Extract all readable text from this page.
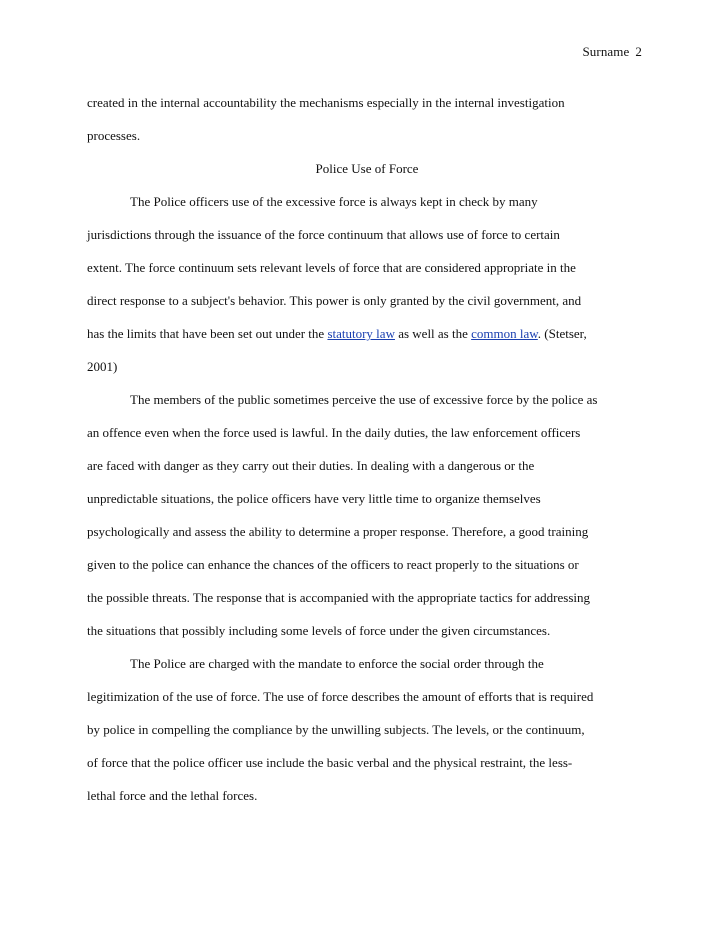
Surname 2
created in the internal accountability the mechanisms especially in the internal investigation
processes.
Police Use of Force
The Police officers use of the excessive force is always kept in check by many
jurisdictions through the issuance of the force continuum that allows use of force to certain
extent. The force continuum sets relevant levels of force that are considered appropriate in the
direct response to a subject's behavior. This power is only granted by the civil government, and
has the limits that have been set out under the statutory law as well as the common law. (Stetser,
2001)
The members of the public sometimes perceive the use of excessive force by the police as
an offence even when the force used is lawful. In the daily duties, the law enforcement officers
are faced with danger as they carry out their duties. In dealing with a dangerous or the
unpredictable situations, the police officers have very little time to organize themselves
psychologically and assess the ability to determine a proper response. Therefore, a good training
given to the police can enhance the chances of the officers to react properly to the situations or
the possible threats. The response that is accompanied with the appropriate tactics for addressing
the situations that possibly including some levels of force under the given circumstances.
The Police are charged with the mandate to enforce the social order through the
legitimization of the use of force. The use of force describes the amount of efforts that is required
by police in compelling the compliance by the unwilling subjects. The levels, or the continuum,
of force that the police officer use include the basic verbal and the physical restraint, the less-
lethal force and the lethal forces.
